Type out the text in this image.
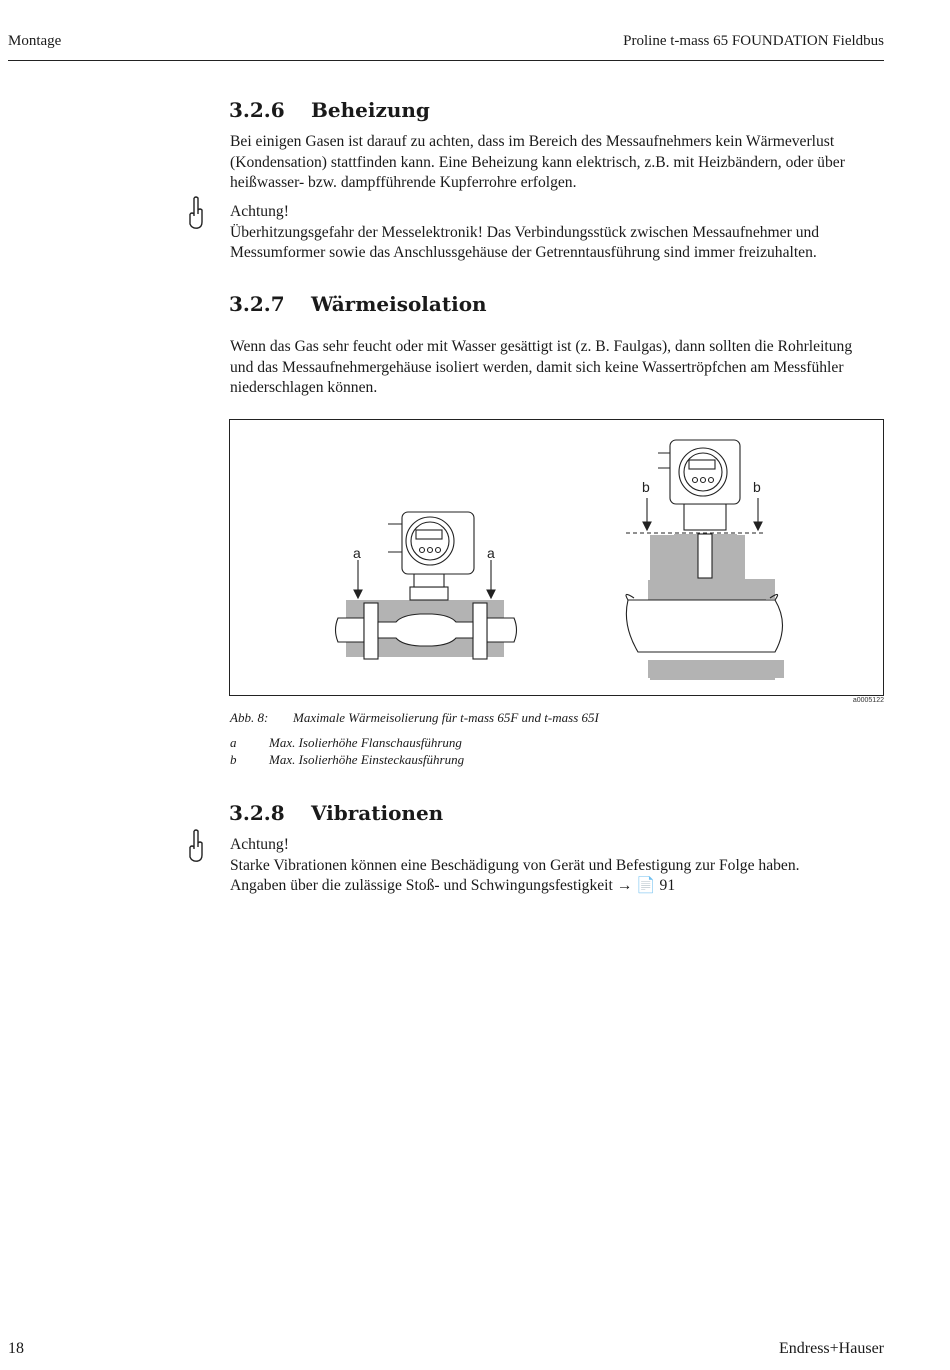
Montage	Proline t-mass 65 FOUNDATION Fieldbus
3.2.6 Beheizung

Bei einigen Gasen ist darauf zu achten, dass im Bereich des Messaufnehmers kein Wärmeverlust

(Kondensation) stattfinden kann. Eine Beheizung kann elektrisch, z.B. mit Heizbändern, oder über

heißwasser- bzw. dampfführende Kupferrohre erfolgen.

Achtung!

Überhitzungsgefahr der Messelektronik! Das Verbindungsstück zwischen Messaufnehmer und

Messumformer sowie das Anschlussgehäuse der Getrenntausführung sind immer freizuhalten.

3.2.7 Wärmeisolation

Wenn das Gas sehr feucht oder mit Wasser gesättigt ist (z. B. Faulgas), dann sollten die Rohrleitung

und das Messaufnehmergehäuse isoliert werden, damit sich keine Wassertröpfchen am Messfühler

niederschlagen können.

a	a
b	b
a0005122
Abb. 8: Maximale Wärmeisolierung für t-mass 65F und t-mass 65I
a	Max. Isolierhöhe Flanschausführung
b	Max. Isolierhöhe Einsteckausführung
3.2.8 Vibrationen

Achtung!

Starke Vibrationen können eine Beschädigung von Gerät und Befestigung zur Folge haben.

Angaben über die zulässige Stoß- und Schwingungsfestigkeit → 📄 91

18	Endress+Hauser
